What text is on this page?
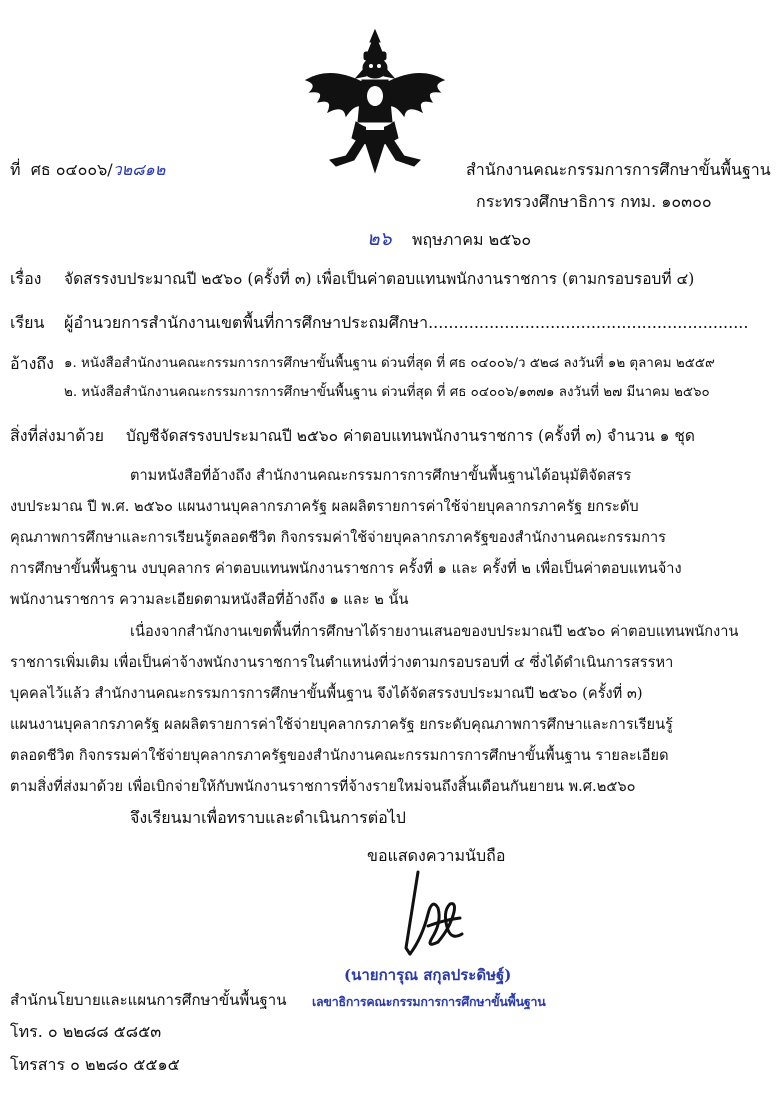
ที่ ศธ ๐๔๐๐๖/ว๒๘๑๒	สำนักงานคณะกรรมการการศึกษาขั้นพื้นฐาน
กระทรวงศึกษาธิการ กทม. ๑๐๓๐๐
๒๖ พฤษภาคม ๒๕๖๐
เรื่อง จัดสรรงบประมาณปี ๒๕๖๐ (ครั้งที่ ๓) เพื่อเป็นค่าตอบแทนพนักงานราชการ (ตามกรอบรอบที่ ๔)
เรียน ผู้อำนวยการสำนักงานเขตพื้นที่การศึกษาประถมศึกษา...............................................................
อ้างถึง ๑. หนังสือสำนักงานคณะกรรมการการศึกษาขั้นพื้นฐาน ด่วนที่สุด ที่ ศธ ๐๔๐๐๖/ว ๕๒๘ ลงวันที่ ๑๒ ตุลาคม ๒๕๕๙
๒. หนังสือสำนักงานคณะกรรมการการศึกษาขั้นพื้นฐาน ด่วนที่สุด ที่ ศธ ๐๔๐๐๖/๑๓๗๑ ลงวันที่ ๒๗ มีนาคม ๒๕๖๐
สิ่งที่ส่งมาด้วย บัญชีจัดสรรงบประมาณปี ๒๕๖๐ ค่าตอบแทนพนักงานราชการ (ครั้งที่ ๓) จำนวน ๑ ชุด
ตามหนังสือที่อ้างถึง สำนักงานคณะกรรมการการศึกษาขั้นพื้นฐานได้อนุมัติจัดสรร
งบประมาณ ปี พ.ศ. ๒๕๖๐ แผนงานบุคลากรภาครัฐ ผลผลิตรายการค่าใช้จ่ายบุคลากรภาครัฐ ยกระดับ
คุณภาพการศึกษาและการเรียนรู้ตลอดชีวิต กิจกรรมค่าใช้จ่ายบุคลากรภาครัฐของสำนักงานคณะกรรมการ
การศึกษาขั้นพื้นฐาน งบบุคลากร ค่าตอบแทนพนักงานราชการ ครั้งที่ ๑ และ ครั้งที่ ๒ เพื่อเป็นค่าตอบแทนจ้าง
พนักงานราชการ ความละเอียดตามหนังสือที่อ้างถึง ๑ และ ๒ นั้น
เนื่องจากสำนักงานเขตพื้นที่การศึกษาได้รายงานเสนอของบประมาณปี ๒๕๖๐ ค่าตอบแทนพนักงาน
ราชการเพิ่มเติม เพื่อเป็นค่าจ้างพนักงานราชการในตำแหน่งที่ว่างตามกรอบรอบที่ ๔ ซึ่งได้ดำเนินการสรรหา
บุคคลไว้แล้ว สำนักงานคณะกรรมการการศึกษาขั้นพื้นฐาน จึงได้จัดสรรงบประมาณปี ๒๕๖๐ (ครั้งที่ ๓)
แผนงานบุคลากรภาครัฐ ผลผลิตรายการค่าใช้จ่ายบุคลากรภาครัฐ ยกระดับคุณภาพการศึกษาและการเรียนรู้
ตลอดชีวิต กิจกรรมค่าใช้จ่ายบุคลากรภาครัฐของสำนักงานคณะกรรมการการศึกษาขั้นพื้นฐาน รายละเอียด
ตามสิ่งที่ส่งมาด้วย เพื่อเบิกจ่ายให้กับพนักงานราชการที่จ้างรายใหม่จนถึงสิ้นเดือนกันยายน พ.ศ.๒๕๖๐
จึงเรียนมาเพื่อทราบและดำเนินการต่อไป
ขอแสดงความนับถือ
(นายการุณ สกุลประดิษฐ์)
เลขาธิการคณะกรรมการการศึกษาขั้นพื้นฐาน
สำนักนโยบายและแผนการศึกษาขั้นพื้นฐาน
โทร. ๐ ๒๒๘๘ ๕๘๕๓
โทรสาร ๐ ๒๒๘๐ ๕๕๑๕
